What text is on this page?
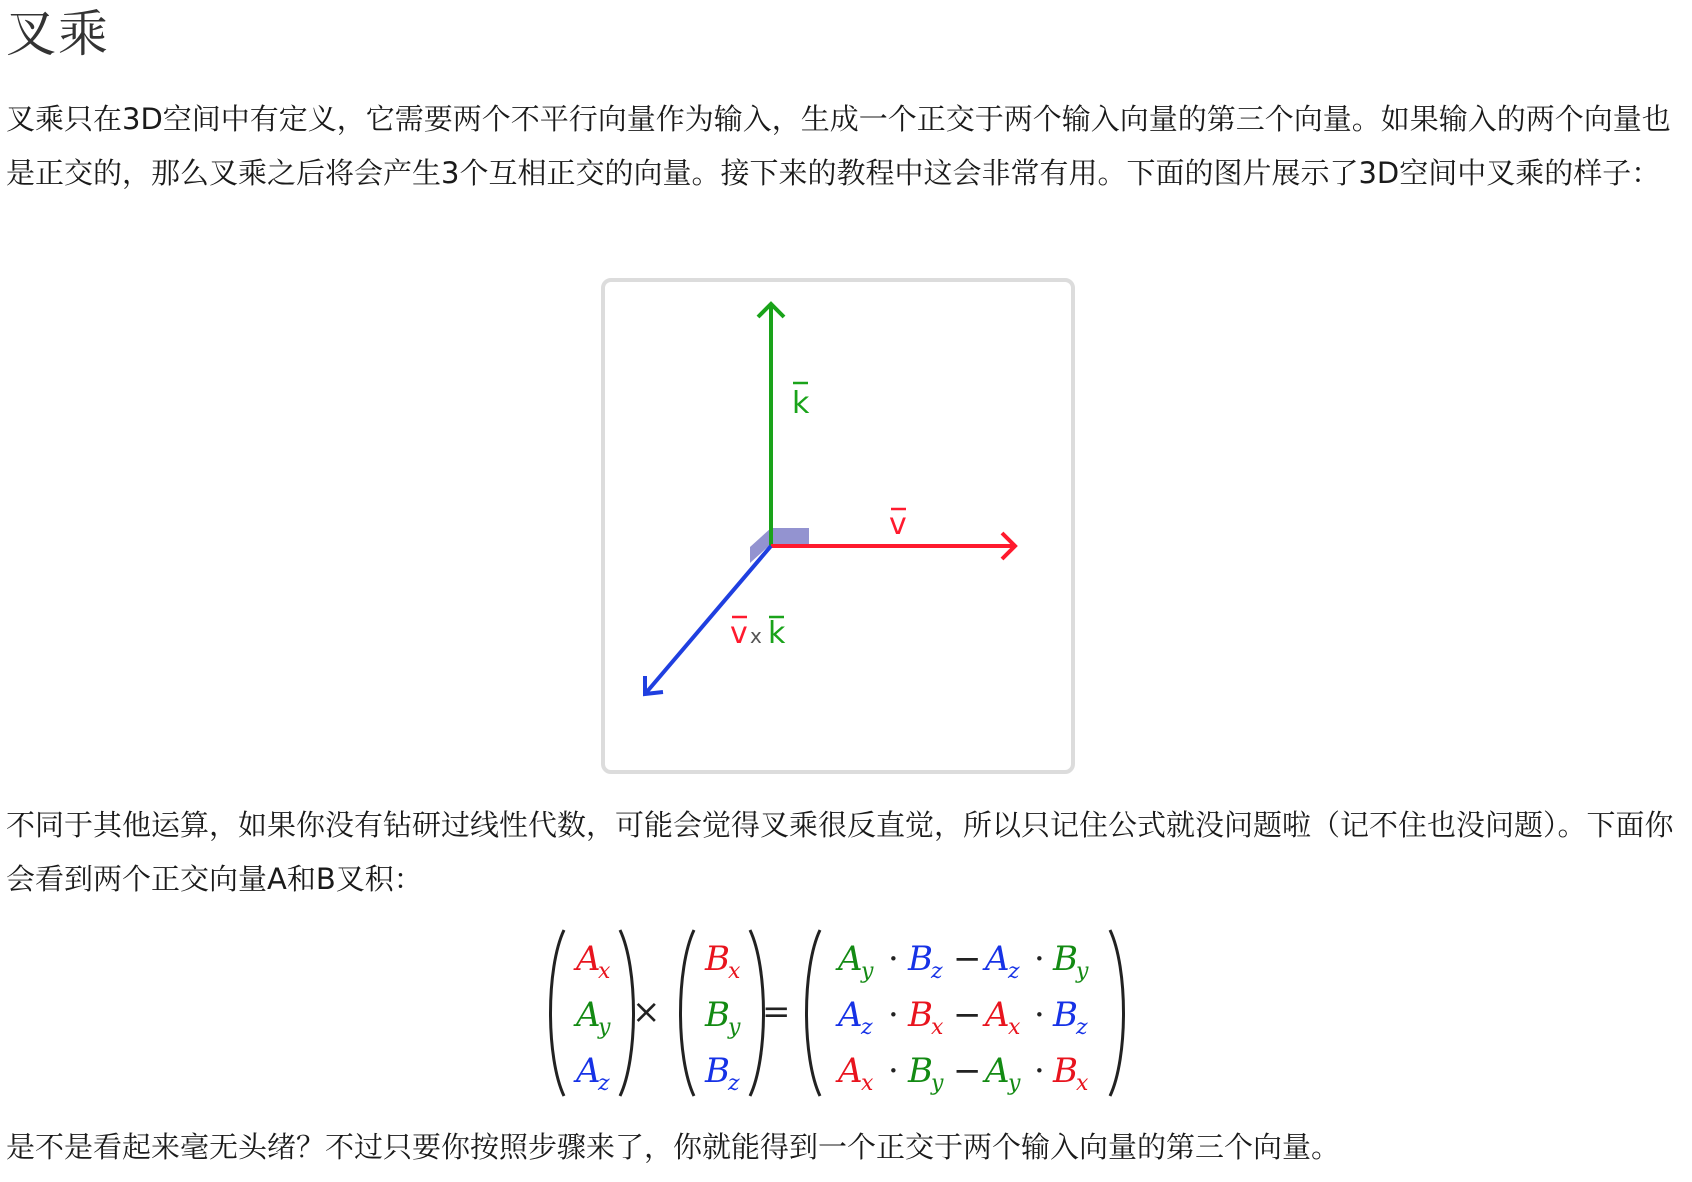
叉乘

叉乘只在3D空间中有定义，它需要两个不平行向量作为输入，生成一个正交于两个输入向量的第三个向量。如果输入的两个向量也是正交的，那么叉乘之后将会产生3个互相正交的向量。接下来的教程中这会非常有用。下面的图片展示了3D空间中叉乘的样子：

k
v
v x k

不同于其他运算，如果你没有钻研过线性代数，可能会觉得叉乘很反直觉，所以只记住公式就没问题啦（记不住也没问题）。下面你会看到两个正交向量A和B叉积：

A
x
A
y
A
z
×
B
x
B
y
B
z
=
A
y · B
z − A
z · B
y
A
z · B
x − A
x · B
z
A
x · B
y − A
y · B
x

是不是看起来毫无头绪？不过只要你按照步骤来了，你就能得到一个正交于两个输入向量的第三个向量。
